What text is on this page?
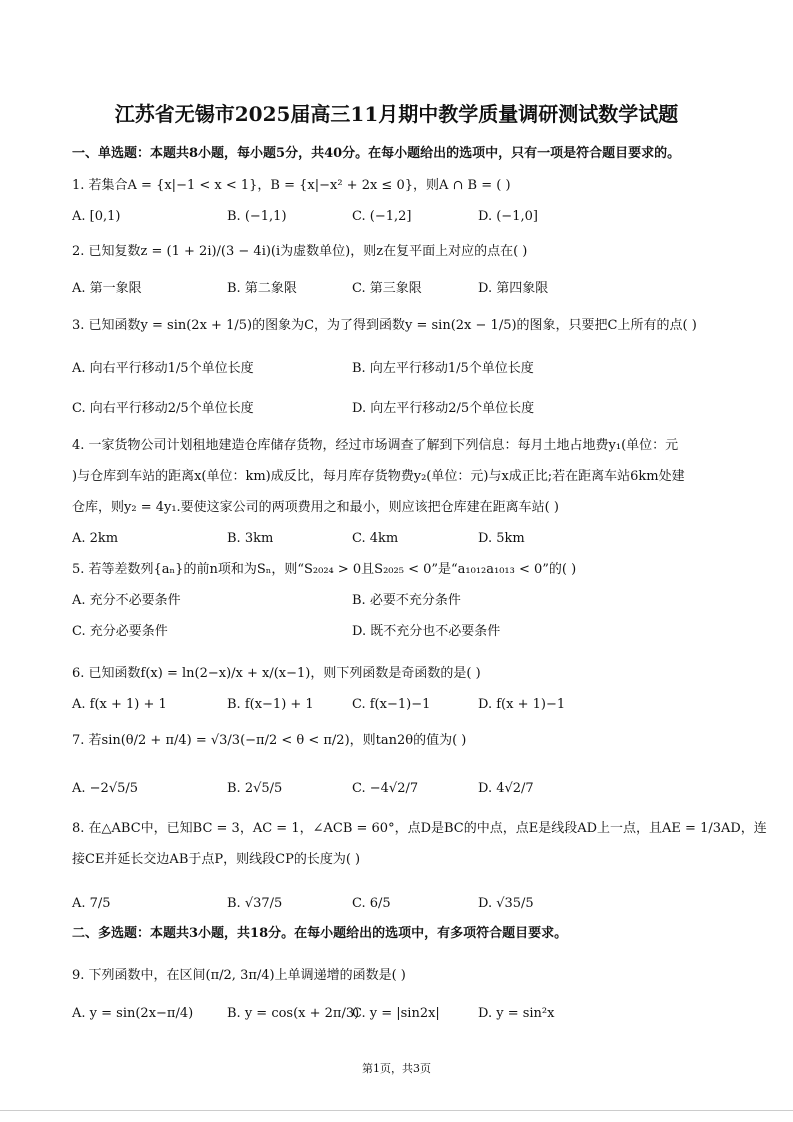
江苏省无锡市2025届高三11月期中教学质量调研测试数学试题
一、单选题：本题共8小题，每小题5分，共40分。在每小题给出的选项中，只有一项是符合题目要求的。
1. 若集合A = {x|−1 < x < 1}，B = {x|−x² + 2x ≤ 0}，则A ∩ B = ( )
A. [0,1)	B. (−1,1)	C. (−1,2]	D. (−1,0]
2. 已知复数z = (1 + 2i)/(3 − 4i)(i为虚数单位)，则z在复平面上对应的点在( )
A. 第一象限	B. 第二象限	C. 第三象限	D. 第四象限
3. 已知函数y = sin(2x + 1/5)的图象为C，为了得到函数y = sin(2x − 1/5)的图象，只要把C上所有的点( )
A. 向右平行移动1/5个单位长度	B. 向左平行移动1/5个单位长度
C. 向右平行移动2/5个单位长度	D. 向左平行移动2/5个单位长度
4. 一家货物公司计划租地建造仓库储存货物，经过市场调查了解到下列信息：每月土地占地费y₁(单位：元
)与仓库到车站的距离x(单位：km)成反比，每月库存货物费y₂(单位：元)与x成正比;若在距离车站6km处建
仓库，则y₂ = 4y₁.要使这家公司的两项费用之和最小，则应该把仓库建在距离车站( )
A. 2km	B. 3km	C. 4km	D. 5km
5. 若等差数列{aₙ}的前n项和为Sₙ，则“S₂₀₂₄ > 0且S₂₀₂₅ < 0”是“a₁₀₁₂a₁₀₁₃ < 0”的( )
A. 充分不必要条件	B. 必要不充分条件
C. 充分必要条件	D. 既不充分也不必要条件
6. 已知函数f(x) = ln(2−x)/x + x/(x−1)，则下列函数是奇函数的是( )
A. f(x + 1) + 1	B. f(x−1) + 1	C. f(x−1)−1	D. f(x + 1)−1
7. 若sin(θ/2 + π/4) = √3/3(−π/2 < θ < π/2)，则tan2θ的值为( )
A. −2√5/5	B. 2√5/5	C. −4√2/7	D. 4√2/7
8. 在△ABC中，已知BC = 3，AC = 1，∠ACB = 60°，点D是BC的中点，点E是线段AD上一点，且AE = 1/3AD，连
接CE并延长交边AB于点P，则线段CP的长度为( )
A. 7/5	B. √37/5	C. 6/5	D. √35/5
二、多选题：本题共3小题，共18分。在每小题给出的选项中，有多项符合题目要求。
9. 下列函数中，在区间(π/2, 3π/4)上单调递增的函数是( )
A. y = sin(2x−π/4)	B. y = cos(x + 2π/3)
C. y = |sin2x|	D. y = sin²x
第1页，共3页
